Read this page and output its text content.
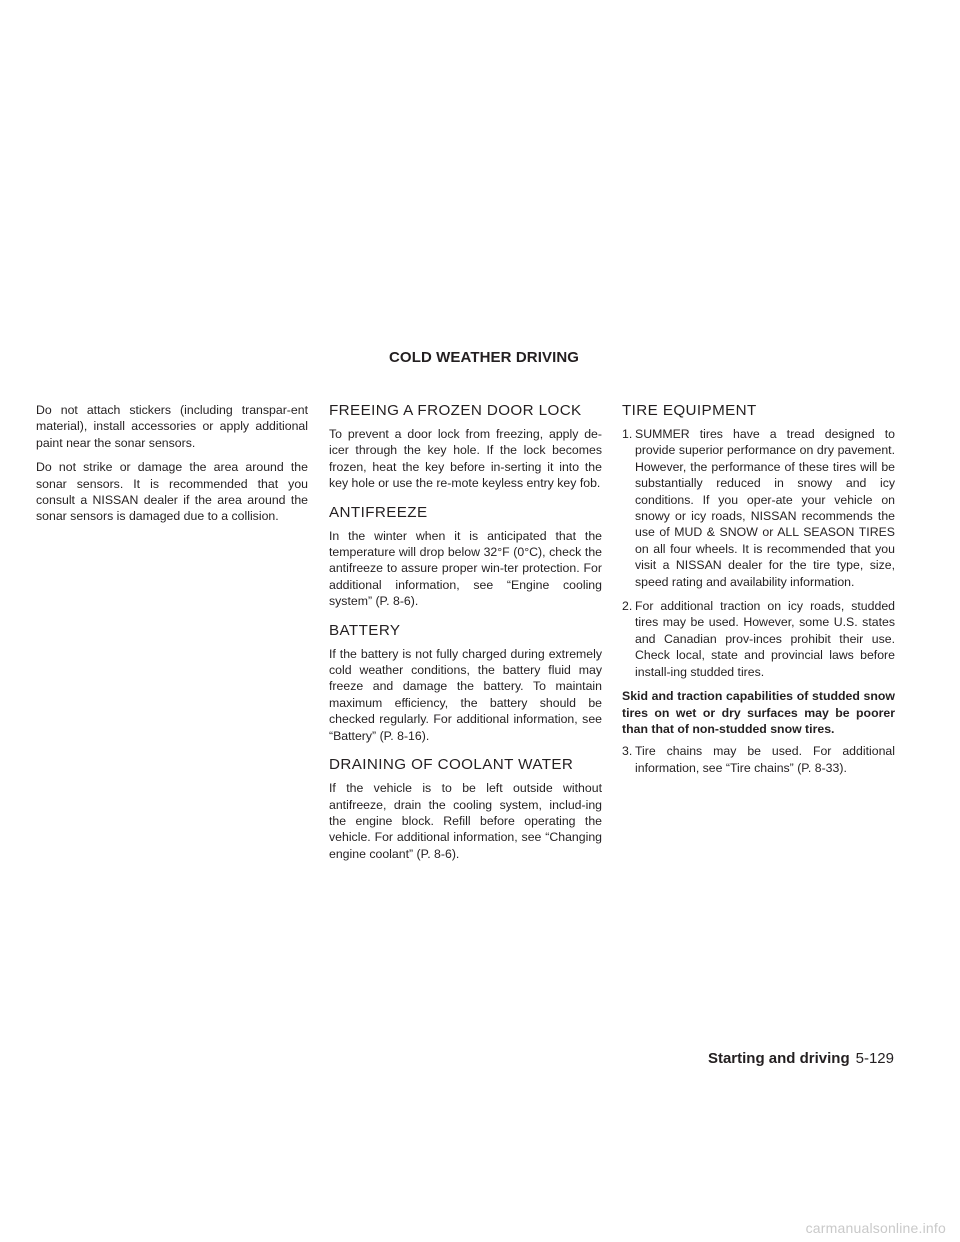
COLD WEATHER DRIVING

Do not attach stickers (including transpar-ent material), install accessories or apply additional paint near the sonar sensors.

Do not strike or damage the area around the sonar sensors. It is recommended that you consult a NISSAN dealer if the area around the sonar sensors is damaged due to a collision.

FREEING A FROZEN DOOR LOCK

To prevent a door lock from freezing, apply de-icer through the key hole. If the lock becomes frozen, heat the key before in-serting it into the key hole or use the re-mote keyless entry key fob.

ANTIFREEZE

In the winter when it is anticipated that the temperature will drop below 32°F (0°C), check the antifreeze to assure proper win-ter protection. For additional information, see “Engine cooling system” (P. 8-6).

BATTERY

If the battery is not fully charged during extremely cold weather conditions, the battery fluid may freeze and damage the battery. To maintain maximum efficiency, the battery should be checked regularly. For additional information, see “Battery” (P. 8-16).

DRAINING OF COOLANT WATER

If the vehicle is to be left outside without antifreeze, drain the cooling system, includ-ing the engine block. Refill before operating the vehicle. For additional information, see “Changing engine coolant” (P. 8-6).

TIRE EQUIPMENT
1. SUMMER tires have a tread designed to provide superior performance on dry pavement. However, the performance of these tires will be substantially reduced in snowy and icy conditions. If you oper-ate your vehicle on snowy or icy roads, NISSAN recommends the use of MUD & SNOW or ALL SEASON TIRES on all four wheels. It is recommended that you visit a NISSAN dealer for the tire type, size, speed rating and availability information.
2. For additional traction on icy roads, studded tires may be used. However, some U.S. states and Canadian prov-inces prohibit their use. Check local, state and provincial laws before install-ing studded tires.

Skid and traction capabilities of studded snow tires on wet or dry surfaces may be poorer than that of non-studded snow tires.

3. Tire chains may be used. For additional information, see “Tire chains” (P. 8-33).
Starting and driving 5-129
carmanualsonline.info
